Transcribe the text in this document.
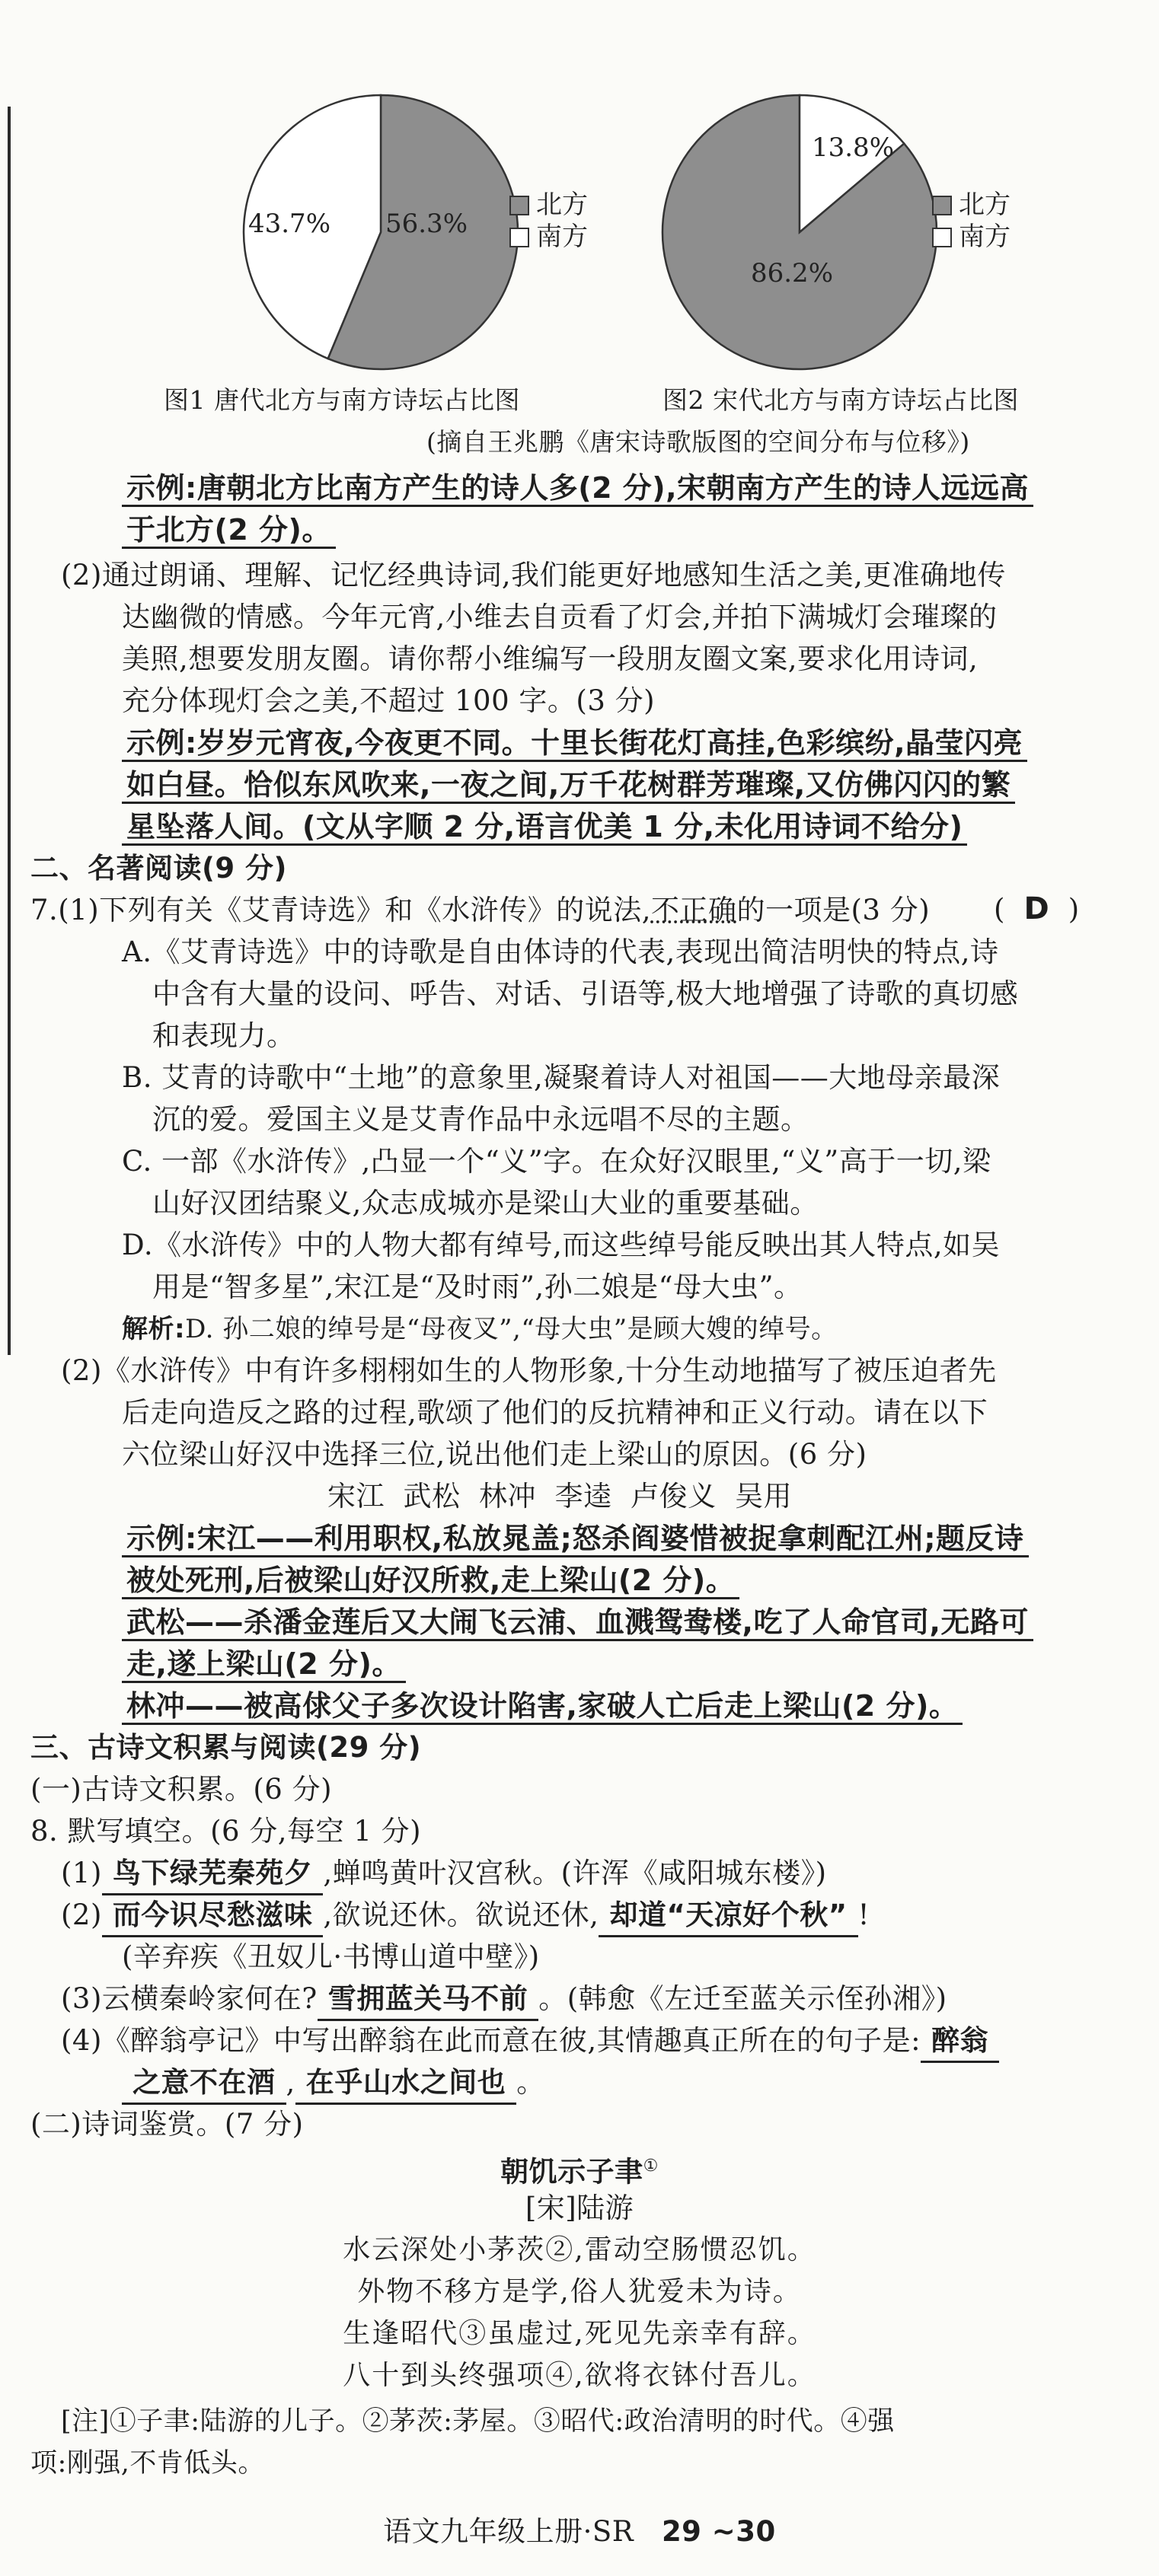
56.3%
43.7%
北方
南方
86.2%
13.8%
北方
南方
图1 唐代北方与南方诗坛占比图	图2 宋代北方与南方诗坛占比图
(摘自王兆鹏《唐宋诗歌版图的空间分布与位移》)
示例:唐朝北方比南方产生的诗人多(2 分),宋朝南方产生的诗人远远高
于北方(2 分)。
(2)通过朗诵、理解、记忆经典诗词,我们能更好地感知生活之美,更准确地传
达幽微的情感。今年元宵,小维去自贡看了灯会,并拍下满城灯会璀璨的
美照,想要发朋友圈。请你帮小维编写一段朋友圈文案,要求化用诗词,
充分体现灯会之美,不超过 100 字。(3 分)
示例:岁岁元宵夜,今夜更不同。十里长街花灯高挂,色彩缤纷,晶莹闪亮
如白昼。恰似东风吹来,一夜之间,万千花树群芳璀璨,又仿佛闪闪的繁
星坠落人间。(文从字顺 2 分,语言优美 1 分,未化用诗词不给分)
二、名著阅读(9 分)
7.(1)下列有关《艾青诗选》和《水浒传》的说法,不正确的一项是(3 分) (  D  )
A.《艾青诗选》中的诗歌是自由体诗的代表,表现出简洁明快的特点,诗
中含有大量的设问、呼告、对话、引语等,极大地增强了诗歌的真切感
和表现力。
B. 艾青的诗歌中“土地”的意象里,凝聚着诗人对祖国——大地母亲最深
沉的爱。爱国主义是艾青作品中永远唱不尽的主题。
C. 一部《水浒传》,凸显一个“义”字。在众好汉眼里,“义”高于一切,梁
山好汉团结聚义,众志成城亦是梁山大业的重要基础。
D.《水浒传》中的人物大都有绰号,而这些绰号能反映出其人特点,如吴
用是“智多星”,宋江是“及时雨”,孙二娘是“母大虫”。
解析:D. 孙二娘的绰号是“母夜叉”,“母大虫”是顾大嫂的绰号。
(2)《水浒传》中有许多栩栩如生的人物形象,十分生动地描写了被压迫者先
后走向造反之路的过程,歌颂了他们的反抗精神和正义行动。请在以下
六位梁山好汉中选择三位,说出他们走上梁山的原因。(6 分)
宋江  武松  林冲  李逵  卢俊义  吴用
示例:宋江——利用职权,私放晁盖;怒杀阎婆惜被捉拿刺配江州;题反诗
被处死刑,后被梁山好汉所救,走上梁山(2 分)。
武松——杀潘金莲后又大闹飞云浦、血溅鸳鸯楼,吃了人命官司,无路可
走,遂上梁山(2 分)。
林冲——被高俅父子多次设计陷害,家破人亡后走上梁山(2 分)。
三、古诗文积累与阅读(29 分)
(一)古诗文积累。(6 分)
8. 默写填空。(6 分,每空 1 分)
(1) 鸟下绿芜秦苑夕 ,蝉鸣黄叶汉宫秋。(许浑《咸阳城东楼》)
(2) 而今识尽愁滋味 ,欲说还休。欲说还休, 却道“天凉好个秋” !
(辛弃疾《丑奴儿·书博山道中壁》)
(3)云横秦岭家何在? 雪拥蓝关马不前 。(韩愈《左迁至蓝关示侄孙湘》)
(4)《醉翁亭记》中写出醉翁在此而意在彼,其情趣真正所在的句子是: 醉翁
之意不在酒 , 在乎山水之间也 。
(二)诗词鉴赏。(7 分)
朝饥示子聿①
[宋]陆游
水云深处小茅茨②,雷动空肠惯忍饥。
外物不移方是学,俗人犹爱未为诗。
生逢昭代③虽虚过,死见先亲幸有辞。
八十到头终强项④,欲将衣钵付吾儿。
[注]①子聿:陆游的儿子。②茅茨:茅屋。③昭代:政治清明的时代。④强
项:刚强,不肯低头。
语文九年级上册·SR 29 ~30
